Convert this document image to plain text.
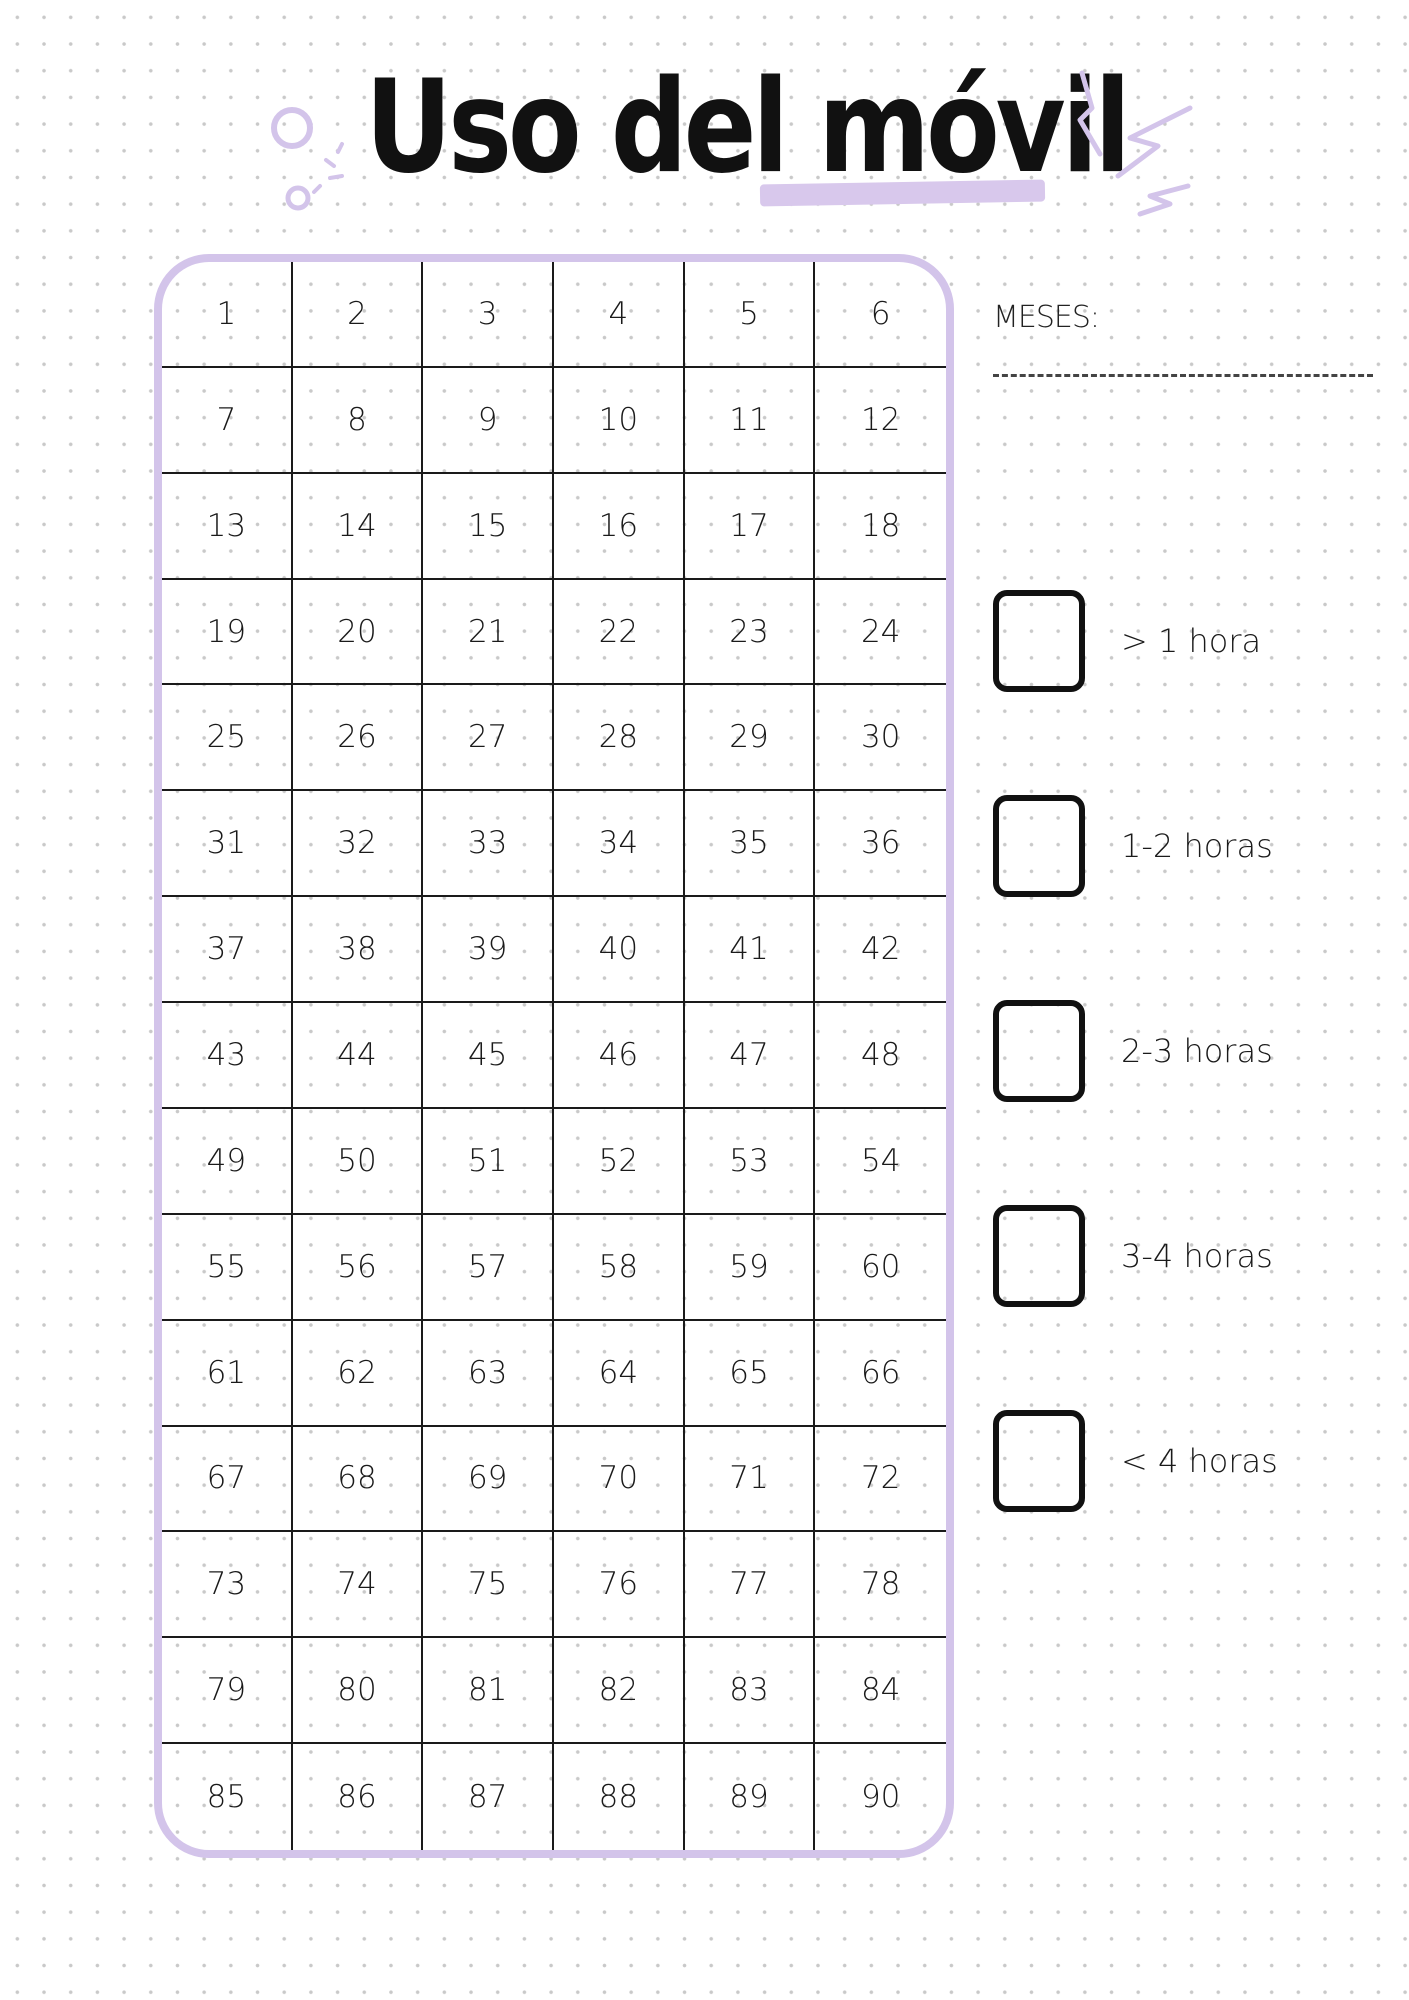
Uso del móvil
1	2	3	4	5	6
7	8	9	10	11	12
13	14	15	16	17	18
19	20	21	22	23	24
25	26	27	28	29	30
31	32	33	34	35	36
37	38	39	40	41	42
43	44	45	46	47	48
49	50	51	52	53	54
55	56	57	58	59	60
61	62	63	64	65	66
67	68	69	70	71	72
73	74	75	76	77	78
79	80	81	82	83	84
85	86	87	88	89	90
MESES:
> 1 hora
1-2 horas
2-3 horas
3-4 horas
< 4 horas
